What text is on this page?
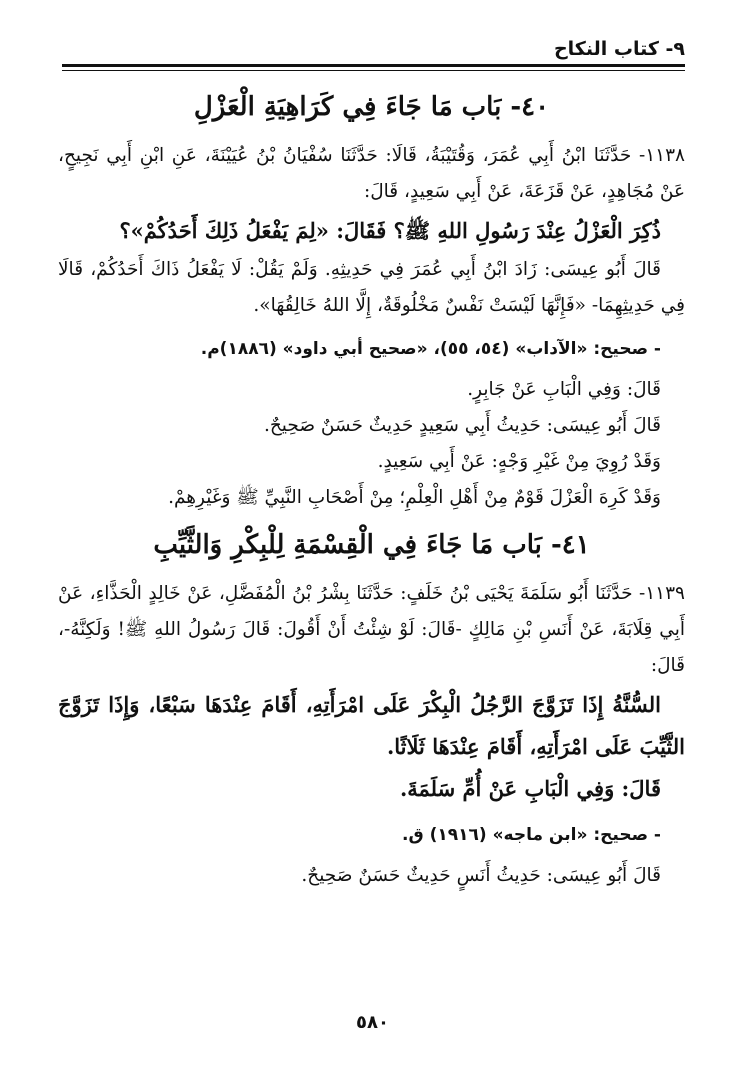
٩- كتاب النكاح
٤٠- بَاب مَا جَاءَ فِي كَرَاهِيَةِ الْعَزْلِ

١١٣٨- حَدَّثَنَا ابْنُ أَبِي عُمَرَ، وَقُتَيْبَةُ، قَالَا: حَدَّثَنَا سُفْيَانُ بْنُ عُيَيْنَةَ، عَنِ ابْنِ أَبِي نَجِيحٍ، عَنْ مُجَاهِدٍ، عَنْ قَزَعَةَ، عَنْ أَبِي سَعِيدٍ، قَالَ:

ذُكِرَ الْعَزْلُ عِنْدَ رَسُولِ اللهِ ﷺ؟ فَقَالَ: «لِمَ يَفْعَلُ ذَلِكَ أَحَدُكُمْ»؟

قَالَ أَبُو عِيسَى: زَادَ ابْنُ أَبِي عُمَرَ فِي حَدِيثِهِ. وَلَمْ يَقُلْ: لَا يَفْعَلُ ذَاكَ أَحَدُكُمْ، قَالَا فِي حَدِيثِهِمَا- «فَإِنَّهَا لَيْسَتْ نَفْسٌ مَخْلُوقَةٌ، إِلَّا اللهُ خَالِقُهَا».

- صحيح: «الآداب» (٥٤، ٥٥)، «صحيح أبي داود» (١٨٨٦)م.

قَالَ: وَفِي الْبَابِ عَنْ جَابِرٍ.

قَالَ أَبُو عِيسَى: حَدِيثُ أَبِي سَعِيدٍ حَدِيثٌ حَسَنٌ صَحِيحٌ.

وَقَدْ رُوِيَ مِنْ غَيْرِ وَجْهٍ: عَنْ أَبِي سَعِيدٍ.

وَقَدْ كَرِهَ الْعَزْلَ قَوْمٌ مِنْ أَهْلِ الْعِلْمِ؛ مِنْ أَصْحَابِ النَّبِيِّ ﷺ وَغَيْرِهِمْ.

٤١- بَاب مَا جَاءَ فِي الْقِسْمَةِ لِلْبِكْرِ وَالثَّيِّبِ

١١٣٩- حَدَّثَنَا أَبُو سَلَمَةَ يَحْيَى بْنُ خَلَفٍ: حَدَّثَنَا بِشْرُ بْنُ الْمُفَضَّلِ، عَنْ خَالِدٍ الْحَذَّاءِ، عَنْ أَبِي قِلَابَةَ، عَنْ أَنَسِ بْنِ مَالِكٍ -قَالَ: لَوْ شِئْتُ أَنْ أَقُولَ: قَالَ رَسُولُ اللهِ ﷺ! وَلَكِنَّهُ-، قَالَ:

السُّنَّةُ إِذَا تَزَوَّجَ الرَّجُلُ الْبِكْرَ عَلَى امْرَأَتِهِ، أَقَامَ عِنْدَهَا سَبْعًا، وَإِذَا تَزَوَّجَ الثَّيِّبَ عَلَى امْرَأَتِهِ، أَقَامَ عِنْدَهَا ثَلَاثًا.

قَالَ: وَفِي الْبَابِ عَنْ أُمِّ سَلَمَةَ.

- صحيح: «ابن ماجه» (١٩١٦) ق.

قَالَ أَبُو عِيسَى: حَدِيثُ أَنَسٍ حَدِيثٌ حَسَنٌ صَحِيحٌ.

٥٨٠
